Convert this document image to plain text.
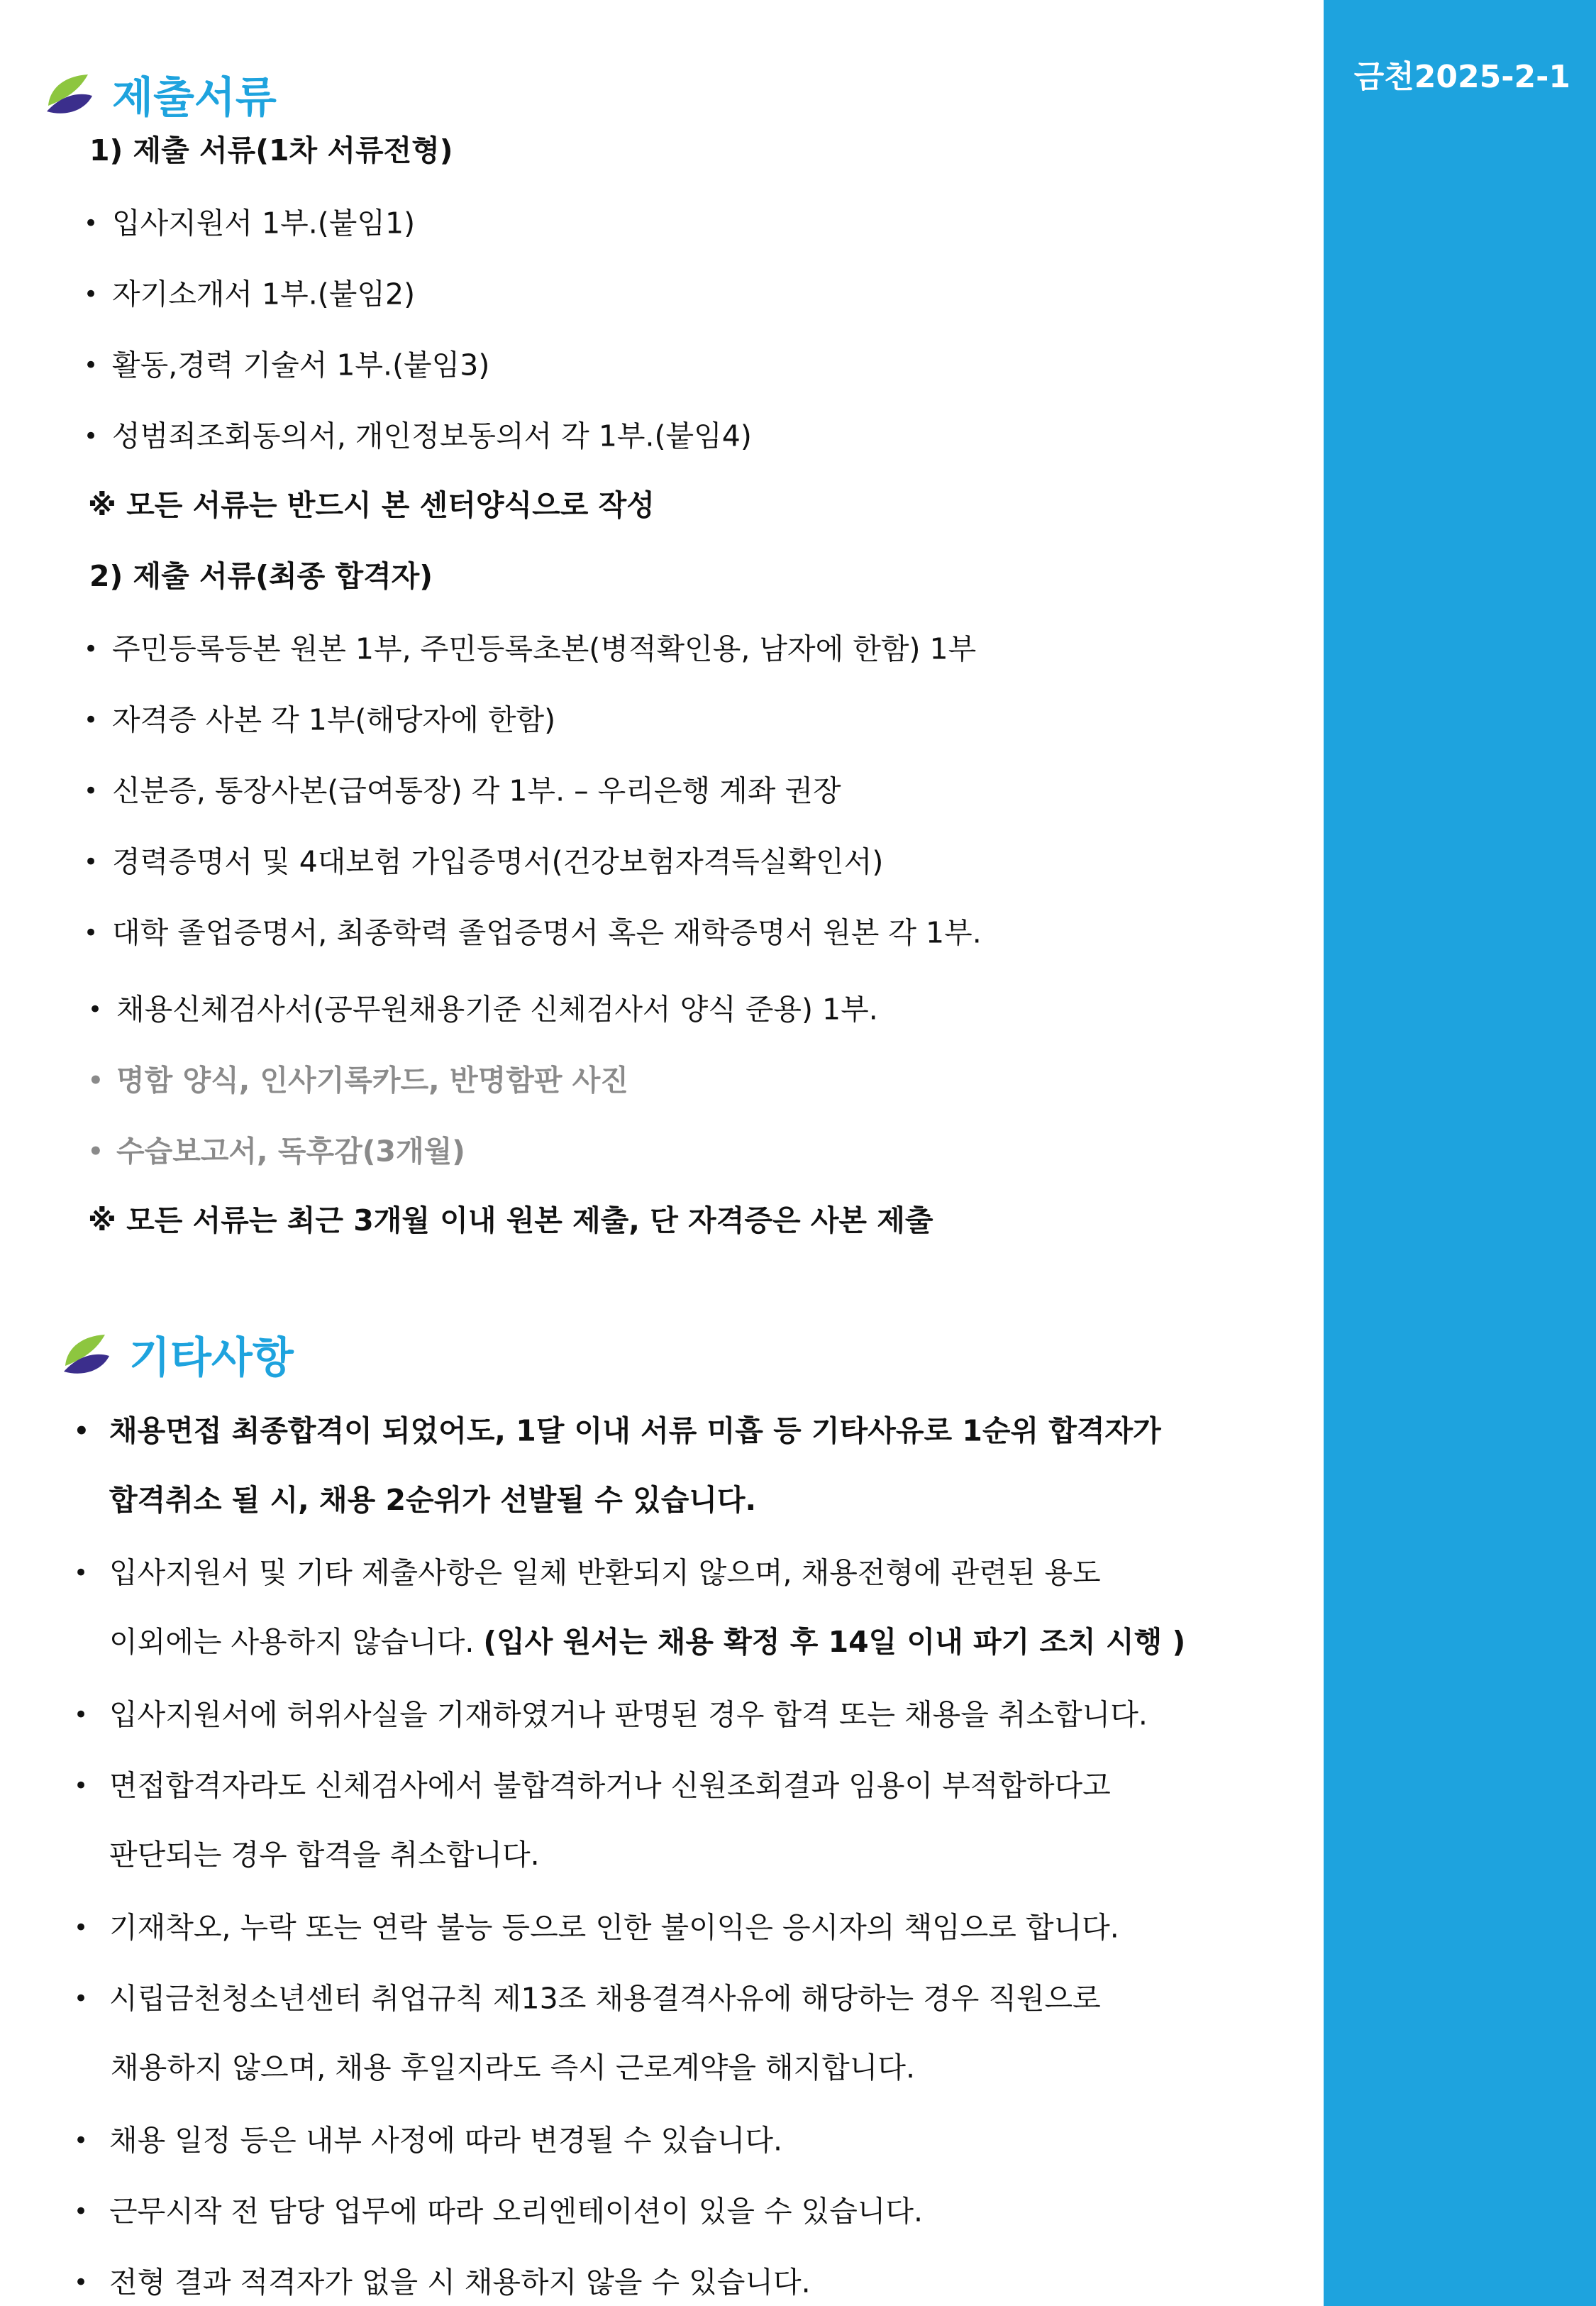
금천2025-2-1
제출서류
1) 제출 서류(1차 서류전형)
• 입사지원서 1부.(붙임1)
• 자기소개서 1부.(붙임2)
• 활동,경력 기술서 1부.(붙임3)
• 성범죄조회동의서, 개인정보동의서 각 1부.(붙임4)
※ 모든 서류는 반드시 본 센터양식으로 작성
2) 제출 서류(최종 합격자)
• 주민등록등본 원본 1부, 주민등록초본(병적확인용, 남자에 한함) 1부
• 자격증 사본 각 1부(해당자에 한함)
• 신분증, 통장사본(급여통장) 각 1부. – 우리은행 계좌 권장
• 경력증명서 및 4대보험 가입증명서(건강보험자격득실확인서)
• 대학 졸업증명서, 최종학력 졸업증명서 혹은 재학증명서 원본 각 1부.
• 채용신체검사서(공무원채용기준 신체검사서 양식 준용) 1부.
• 명함 양식, 인사기록카드, 반명함판 사진
• 수습보고서, 독후감(3개월)
※ 모든 서류는 최근 3개월 이내 원본 제출, 단 자격증은 사본 제출
기타사항
• 채용면접 최종합격이 되었어도, 1달 이내 서류 미흡 등 기타사유로 1순위 합격자가
합격취소 될 시, 채용 2순위가 선발될 수 있습니다.
• 입사지원서 및 기타 제출사항은 일체 반환되지 않으며, 채용전형에 관련된 용도
이외에는 사용하지 않습니다. (입사 원서는 채용 확정 후 14일 이내 파기 조치 시행 )
• 입사지원서에 허위사실을 기재하였거나 판명된 경우 합격 또는 채용을 취소합니다.
• 면접합격자라도 신체검사에서 불합격하거나 신원조회결과 임용이 부적합하다고
판단되는 경우 합격을 취소합니다.
• 기재착오, 누락 또는 연락 불능 등으로 인한 불이익은 응시자의 책임으로 합니다.
• 시립금천청소년센터 취업규칙 제13조 채용결격사유에 해당하는 경우 직원으로
채용하지 않으며, 채용 후일지라도 즉시 근로계약을 해지합니다.
• 채용 일정 등은 내부 사정에 따라 변경될 수 있습니다.
• 근무시작 전 담당 업무에 따라 오리엔테이션이 있을 수 있습니다.
• 전형 결과 적격자가 없을 시 채용하지 않을 수 있습니다.
